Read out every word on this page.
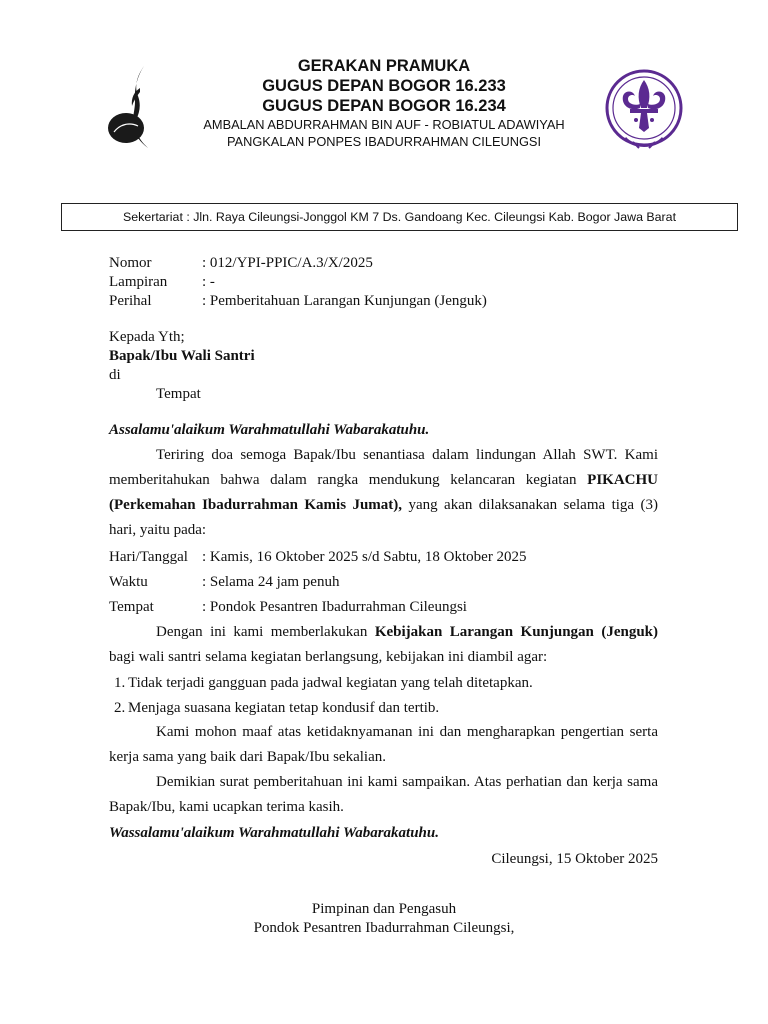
GERAKAN PRAMUKA
GUGUS DEPAN BOGOR 16.233
GUGUS DEPAN BOGOR 16.234
AMBALAN ABDURRAHMAN BIN AUF - ROBIATUL ADAWIYAH
PANGKALAN PONPES IBADURRAHMAN CILEUNGSI
Sekertariat : Jln. Raya Cileungsi-Jonggol KM 7 Ds. Gandoang Kec. Cileungsi Kab. Bogor Jawa Barat
Nomor	: 012/YPI-PPIC/A.3/X/2025
Lampiran : -
Perihal	: Pemberitahuan Larangan Kunjungan (Jenguk)
Kepada Yth;
Bapak/Ibu Wali Santri
di
Tempat
Assalamu'alaikum Warahmatullahi Wabarakatuhu.

Teriring doa semoga Bapak/Ibu senantiasa dalam lindungan Allah SWT. Kami memberitahukan bahwa dalam rangka mendukung kelancaran kegiatan PIKACHU (Perkemahan Ibadurrahman Kamis Jumat), yang akan dilaksanakan selama tiga (3) hari, yaitu pada:

Hari/Tanggal : Kamis, 16 Oktober 2025 s/d Sabtu, 18 Oktober 2025
Waktu	: Selama 24 jam penuh
Tempat	: Pondok Pesantren Ibadurrahman Cileungsi

Dengan ini kami memberlakukan Kebijakan Larangan Kunjungan (Jenguk) bagi wali santri selama kegiatan berlangsung, kebijakan ini diambil agar:

1. Tidak terjadi gangguan pada jadwal kegiatan yang telah ditetapkan.
2. Menjaga suasana kegiatan tetap kondusif dan tertib.

Kami mohon maaf atas ketidaknyamanan ini dan mengharapkan pengertian serta kerja sama yang baik dari Bapak/Ibu sekalian.

Demikian surat pemberitahuan ini kami sampaikan. Atas perhatian dan kerja sama Bapak/Ibu, kami ucapkan terima kasih.

Wassalamu'alaikum Warahmatullahi Wabarakatuhu.
Cileungsi, 15 Oktober 2025
Pimpinan dan Pengasuh
Pondok Pesantren Ibadurrahman Cileungsi,
